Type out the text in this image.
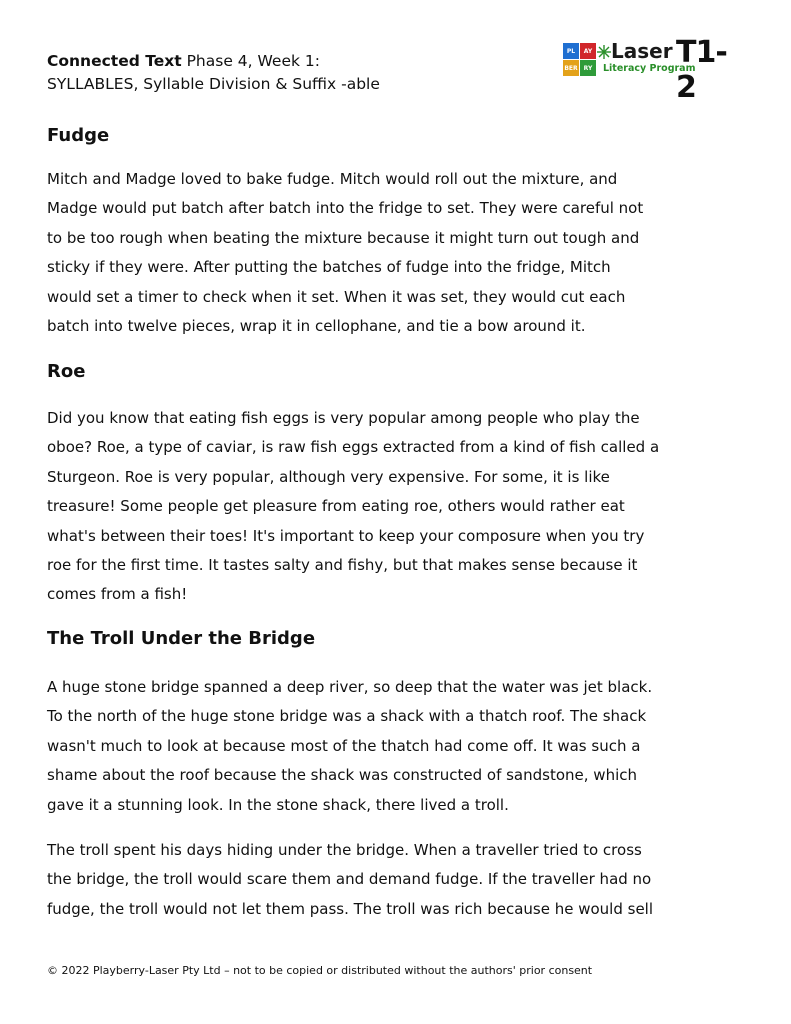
Connected Text Phase 4, Week 1:
SYLLABLES, Syllable Division & Suffix -able
PL	AY
BER	RY
Laser
Literacy Program
T1-2
Fudge
Mitch and Madge loved to bake fudge. Mitch would roll out the mixture, and
Madge would put batch after batch into the fridge to set. They were careful not
to be too rough when beating the mixture because it might turn out tough and
sticky if they were. After putting the batches of fudge into the fridge, Mitch
would set a timer to check when it set. When it was set, they would cut each
batch into twelve pieces, wrap it in cellophane, and tie a bow around it.
Roe
Did you know that eating fish eggs is very popular among people who play the
oboe? Roe, a type of caviar, is raw fish eggs extracted from a kind of fish called a
Sturgeon. Roe is very popular, although very expensive. For some, it is like
treasure! Some people get pleasure from eating roe, others would rather eat
what's between their toes! It's important to keep your composure when you try
roe for the first time. It tastes salty and fishy, but that makes sense because it
comes from a fish!
The Troll Under the Bridge
A huge stone bridge spanned a deep river, so deep that the water was jet black.
To the north of the huge stone bridge was a shack with a thatch roof. The shack
wasn't much to look at because most of the thatch had come off. It was such a
shame about the roof because the shack was constructed of sandstone, which
gave it a stunning look. In the stone shack, there lived a troll.
The troll spent his days hiding under the bridge. When a traveller tried to cross
the bridge, the troll would scare them and demand fudge. If the traveller had no
fudge, the troll would not let them pass. The troll was rich because he would sell
© 2022 Playberry-Laser Pty Ltd – not to be copied or distributed without the authors' prior consent
